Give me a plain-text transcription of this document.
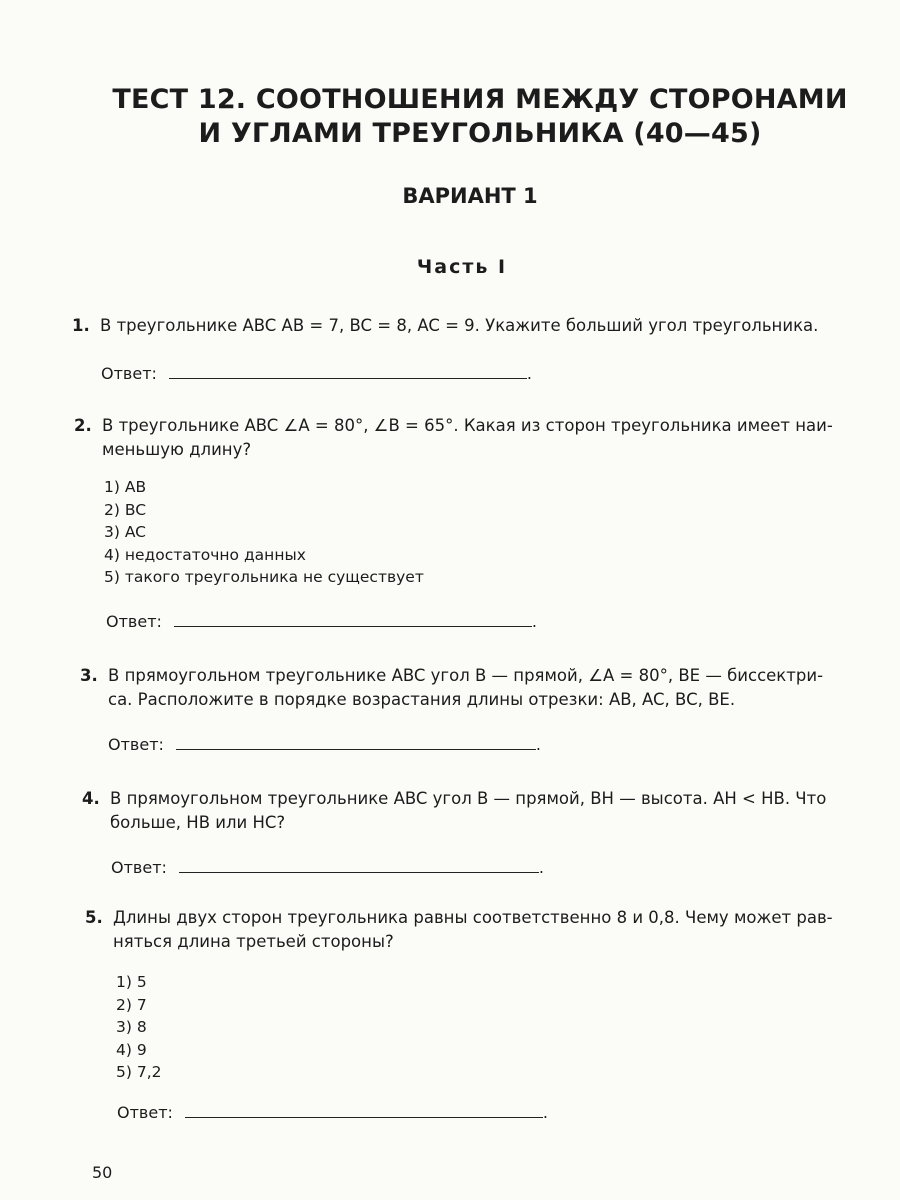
ТЕСТ 12. СООТНОШЕНИЯ МЕЖДУ СТОРОНАМИ
И УГЛАМИ ТРЕУГОЛЬНИКА (40—45)
ВАРИАНТ 1
Часть I
1. В треугольнике ABC AB = 7, BC = 8, AC = 9. Укажите больший угол треугольника.
Ответ:	.
2. В треугольнике ABC ∠A = 80°, ∠B = 65°. Какая из сторон треугольника имеет наи-
меньшую длину?
1) AB
2) BC
3) AC
4) недостаточно данных
5) такого треугольника не существует
Ответ:	.
3. В прямоугольном треугольнике ABC угол B — прямой, ∠A = 80°, BE — биссектри-
са. Расположите в порядке возрастания длины отрезки: AB, AC, BC, BE.
Ответ:	.
4. В прямоугольном треугольнике ABC угол B — прямой, BH — высота. AH < HB. Что
больше, HB или HC?
Ответ:	.
5. Длины двух сторон треугольника равны соответственно 8 и 0,8. Чему может рав-
няться длина третьей стороны?
1) 5
2) 7
3) 8
4) 9
5) 7,2
Ответ:	.
50
